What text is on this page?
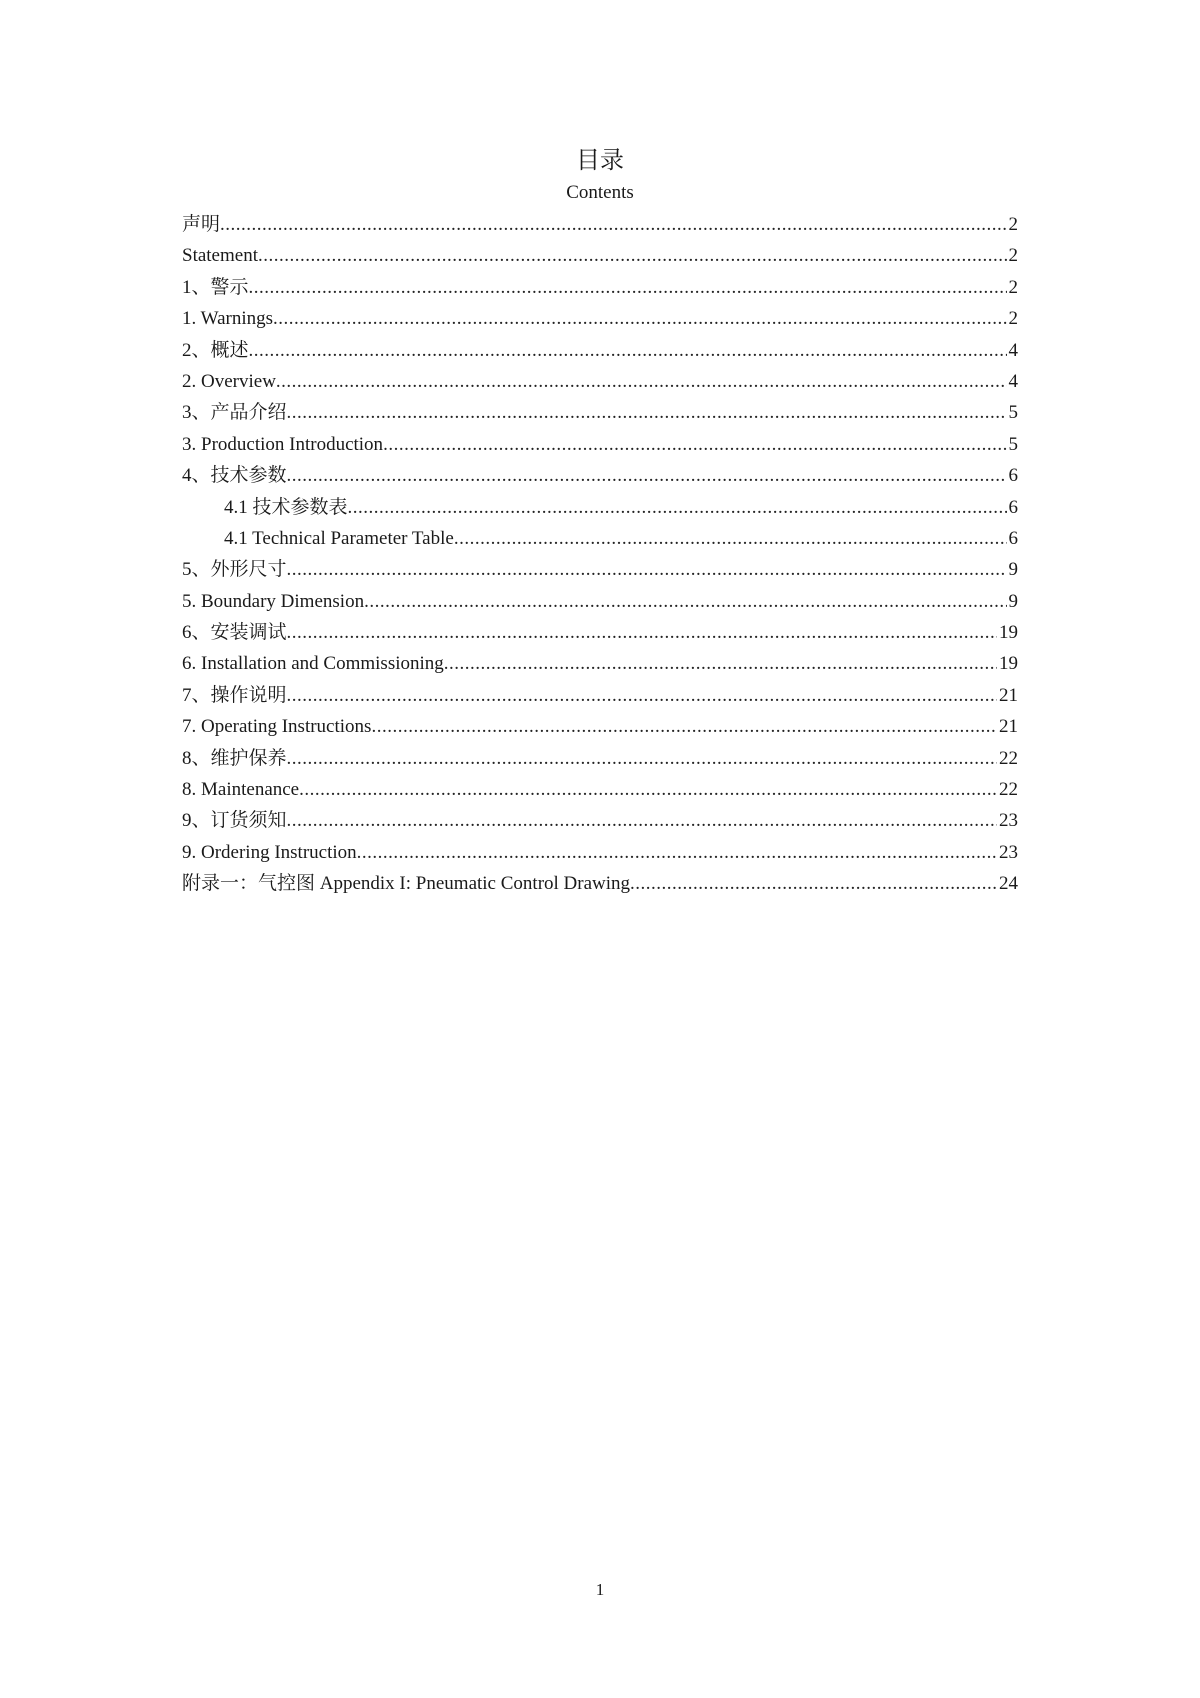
目录
Contents
声明 .....	2
Statement .....	2
1、警示 .....	2
1. Warnings .....	2
2、概述 .....	4
2. Overview .....	4
3、产品介绍 .....	5
3. Production Introduction .....	5
4、技术参数 .....	6
4.1 技术参数表 .....	6
4.1 Technical Parameter Table .....	6
5、外形尺寸 .....	9
5. Boundary Dimension .....	9
6、安装调试 .....	19
6. Installation and Commissioning .....	19
7、操作说明 .....	21
7. Operating Instructions .....	21
8、维护保养 .....	22
8. Maintenance .....	22
9、订货须知 .....	23
9. Ordering Instruction .....	23
附录一：气控图 Appendix I: Pneumatic Control Drawing .....	24
1
